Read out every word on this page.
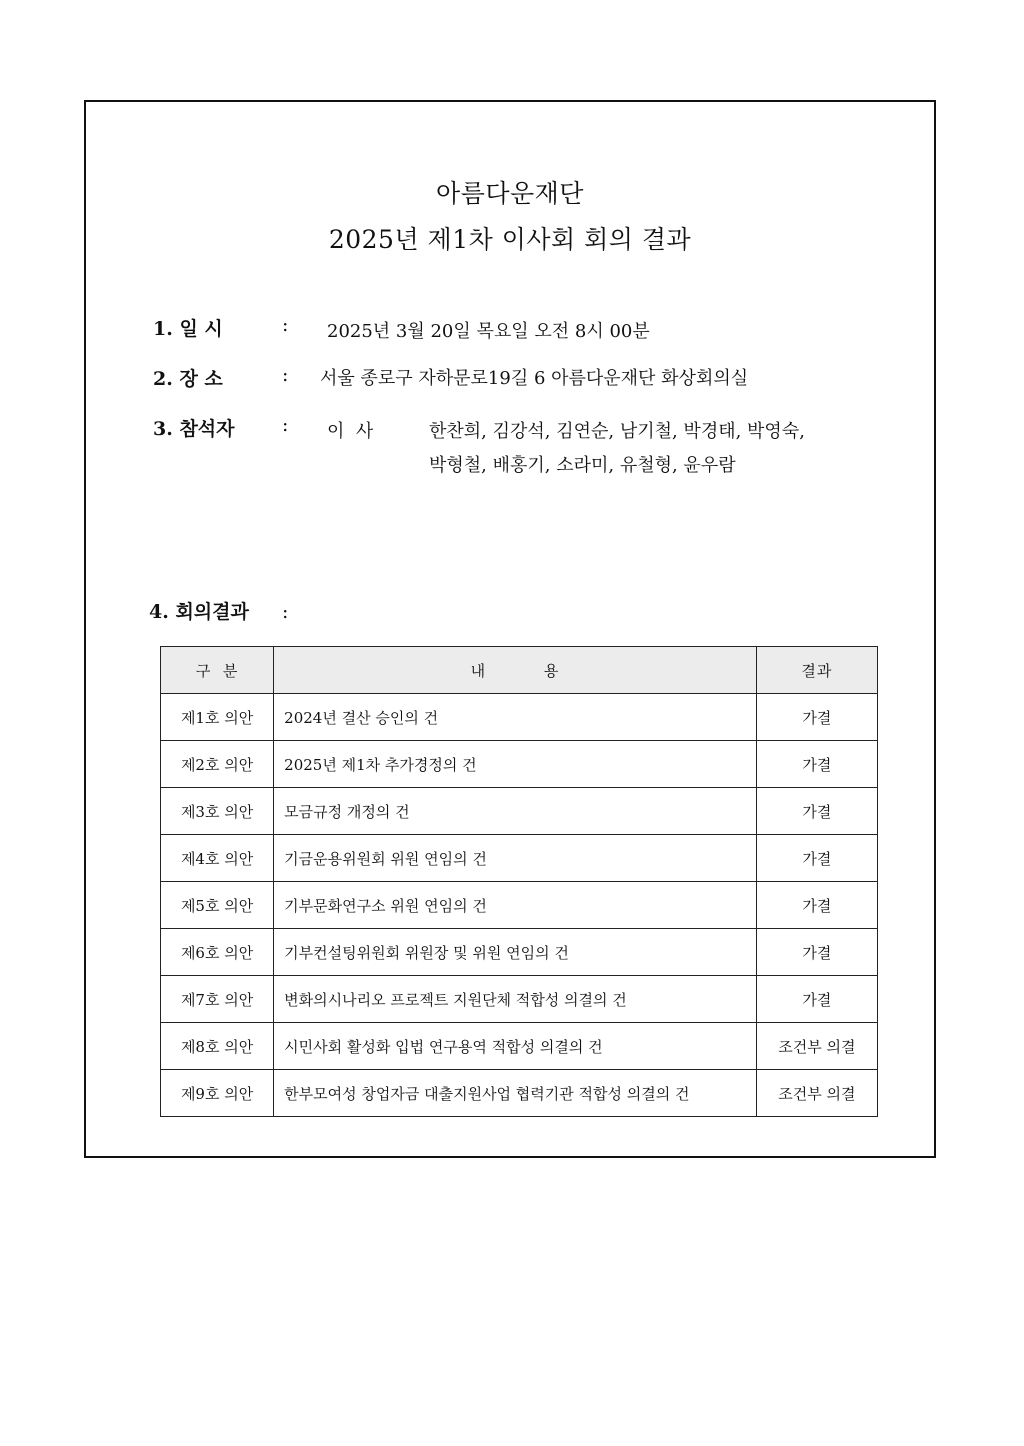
아름다운재단
2025년 제1차 이사회 회의 결과
1. 일 시	: 2025년 3월 20일 목요일 오전 8시 00분
2. 장 소	: 서울 종로구 자하문로19길 6 아름다운재단 화상회의실
3. 참석자 : 이  사	한찬희, 김강석, 김연순, 남기철, 박경태, 박영숙,
박형철, 배홍기, 소라미, 유철형, 윤우람
4. 회의결과 :
구  분	내          용	결과
제1호 의안	2024년 결산 승인의 건	가결
제2호 의안	2025년 제1차 추가경정의 건	가결
제3호 의안	모금규정 개정의 건	가결
제4호 의안	기금운용위원회 위원 연임의 건	가결
제5호 의안	기부문화연구소 위원 연임의 건	가결
제6호 의안	기부컨설팅위원회 위원장 및 위원 연임의 건	가결
제7호 의안	변화의시나리오 프로젝트 지원단체 적합성 의결의 건	가결
제8호 의안	시민사회 활성화 입법 연구용역 적합성 의결의 건	조건부 의결
제9호 의안	한부모여성 창업자금 대출지원사업 협력기관 적합성 의결의 건	조건부 의결
